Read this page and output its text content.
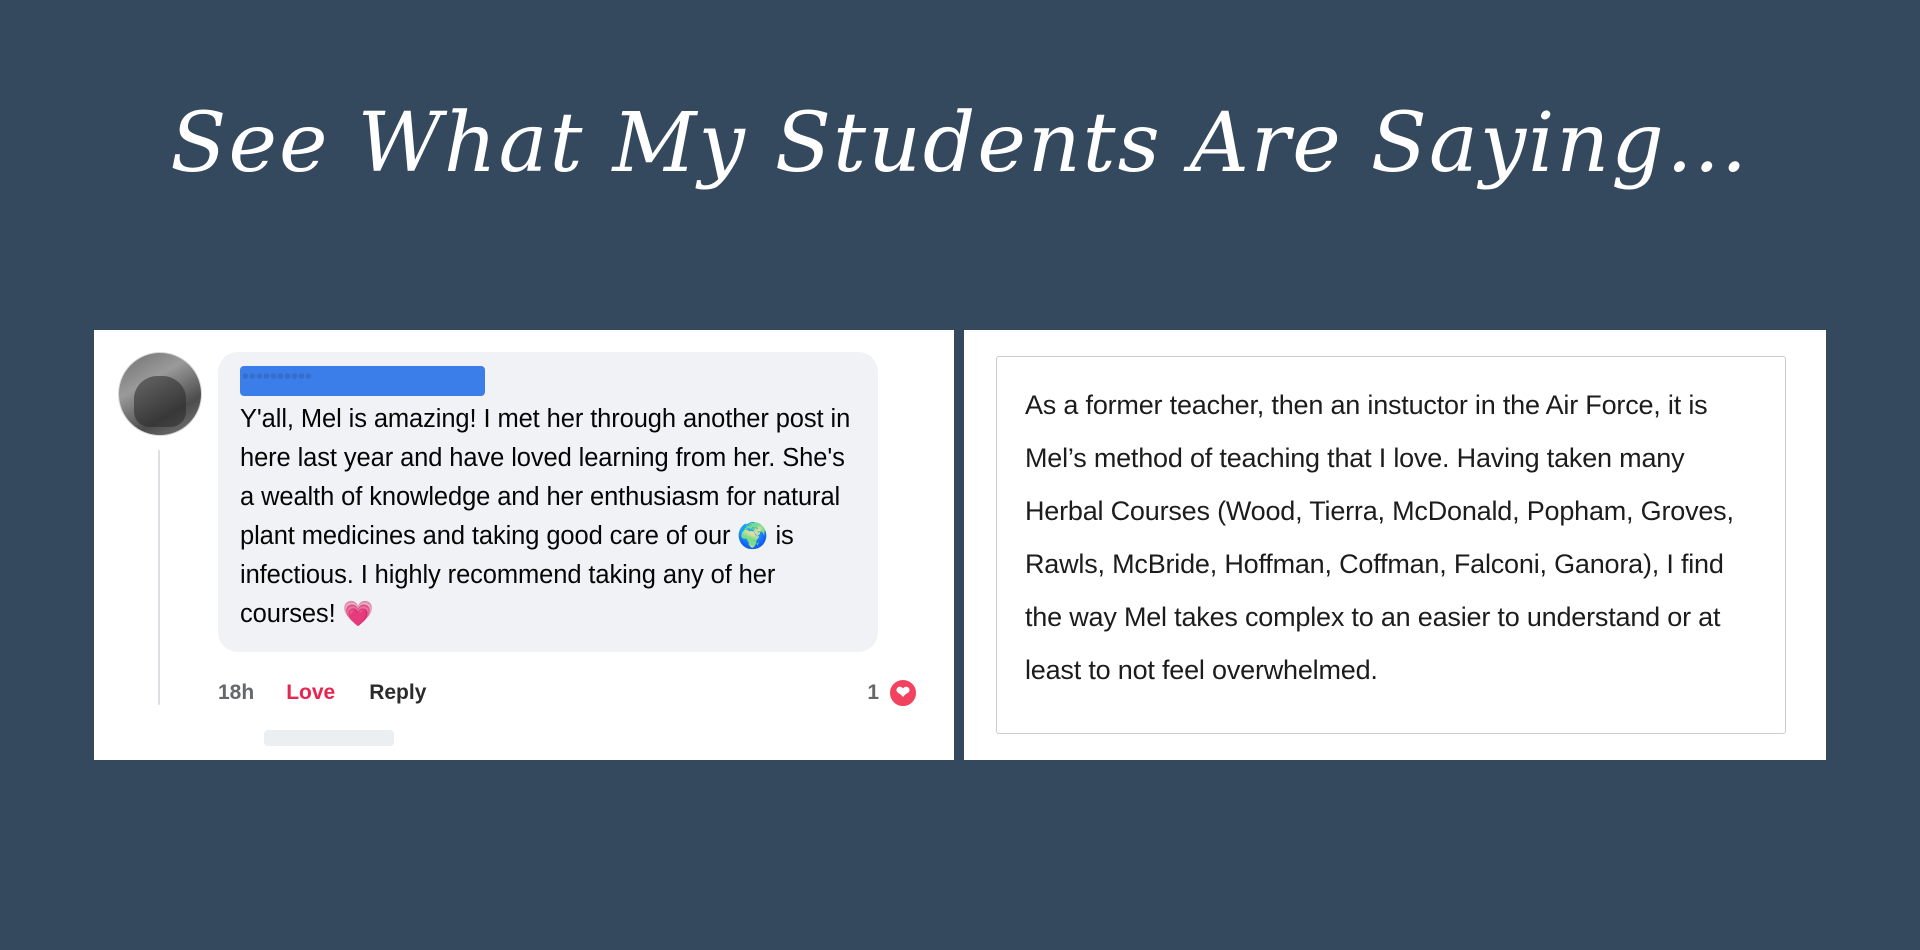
See What My Students Are Saying…
••••••••••
Y'all, Mel is amazing! I met her through another post in here last year and have loved learning from her. She's a wealth of knowledge and her enthusiasm for natural plant medicines and taking good care of our 🌍 is infectious. I highly recommend taking any of her courses! 💗
18h Love Reply	1 ❤
As a former teacher, then an instuctor in the Air Force, it is Mel’s method of teaching that I love. Having taken many Herbal Courses (Wood, Tierra, McDonald, Popham, Groves, Rawls, McBride, Hoffman, Coffman, Falconi, Ganora), I find the way Mel takes complex to an easier to understand or at least to not feel overwhelmed.
